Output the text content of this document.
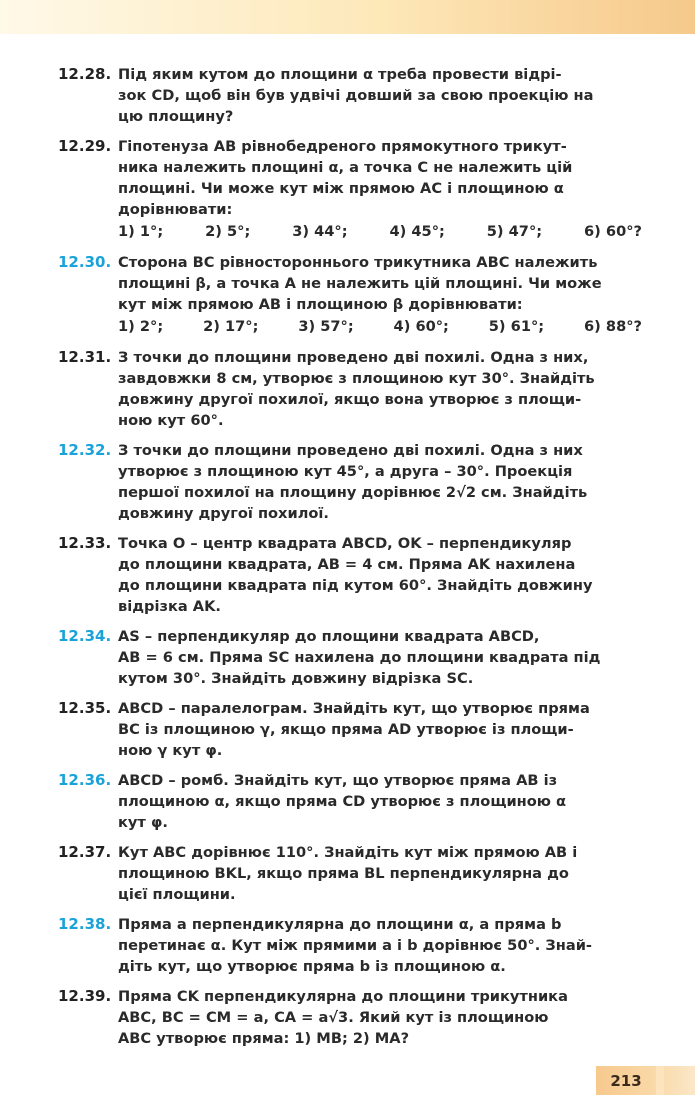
12.28. Під яким кутом до площини α треба провести відрі-
зок CD, щоб він був удвічі довший за свою проекцію на
цю площину?
12.29. Гіпотенуза AB рівнобедреного прямокутного трикут-
ника належить площині α, а точка C не належить цій
площині. Чи може кут між прямою AC і площиною α
дорівнювати:
1) 1°;	2) 5°;	3) 44°;	4) 45°;	5) 47°;	6) 60°?
12.30. Сторона BC рівностороннього трикутника ABC належить
площині β, а точка A не належить цій площині. Чи може
кут між прямою AB і площиною β дорівнювати:
1) 2°;	2) 17°;	3) 57°;	4) 60°;	5) 61°;	6) 88°?
12.31. З точки до площини проведено дві похилі. Одна з них,
завдовжки 8 см, утворює з площиною кут 30°. Знайдіть
довжину другої похилої, якщо вона утворює з площи-
ною кут 60°.
12.32. З точки до площини проведено дві похилі. Одна з них
утворює з площиною кут 45°, а друга – 30°. Проекція
першої похилої на площину дорівнює 2√2 см. Знайдіть
довжину другої похилої.
12.33. Точка O – центр квадрата ABCD, OK – перпендикуляр
до площини квадрата, AB = 4 см. Пряма AK нахилена
до площини квадрата під кутом 60°. Знайдіть довжину
відрізка AK.
12.34. AS – перпендикуляр до площини квадрата ABCD,
AB = 6 см. Пряма SC нахилена до площини квадрата під
кутом 30°. Знайдіть довжину відрізка SC.
12.35. ABCD – паралелограм. Знайдіть кут, що утворює пряма
BC із площиною γ, якщо пряма AD утворює із площи-
ною γ кут φ.
12.36. ABCD – ромб. Знайдіть кут, що утворює пряма AB із
площиною α, якщо пряма CD утворює з площиною α
кут φ.
12.37. Кут ABC дорівнює 110°. Знайдіть кут між прямою AB і
площиною BKL, якщо пряма BL перпендикулярна до
цієї площини.
12.38. Пряма a перпендикулярна до площини α, а пряма b
перетинає α. Кут між прямими a і b дорівнює 50°. Знай-
діть кут, що утворює пряма b із площиною α.
12.39. Пряма CK перпендикулярна до площини трикутника
ABC, BC = CM = a, CA = a√3. Який кут із площиною
ABC утворює пряма: 1) MB; 2) MA?
213
